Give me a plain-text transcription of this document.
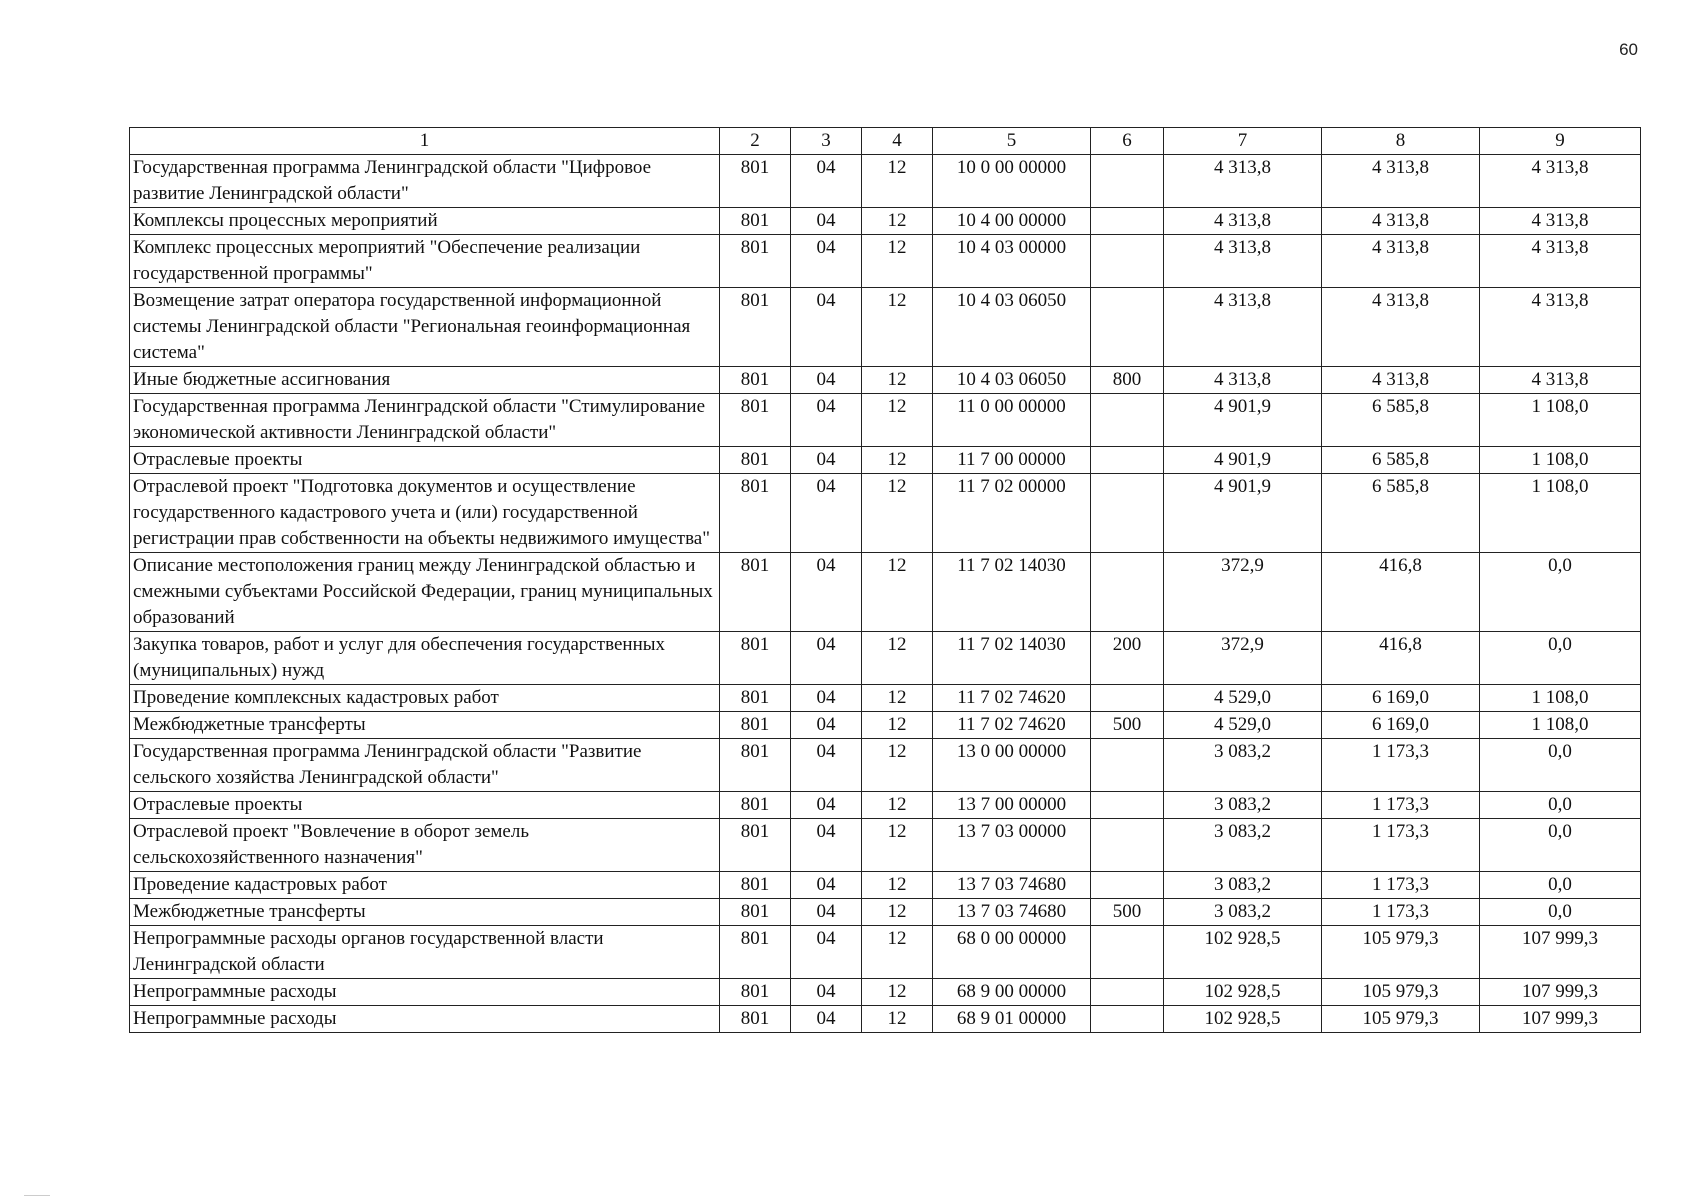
60
1	2	3	4	5	6	7	8	9
Государственная программа Ленинградской области "Цифровое развитие Ленинградской области"	801	04	12	10 0 00 00000		4 313,8	4 313,8	4 313,8
Комплексы процессных мероприятий	801	04	12	10 4 00 00000		4 313,8	4 313,8	4 313,8
Комплекс процессных мероприятий "Обеспечение реализации государственной программы"	801	04	12	10 4 03 00000		4 313,8	4 313,8	4 313,8
Возмещение затрат оператора государственной информационной системы Ленинградской области "Региональная геоинформационная система"	801	04	12	10 4 03 06050		4 313,8	4 313,8	4 313,8
Иные бюджетные ассигнования	801	04	12	10 4 03 06050	800	4 313,8	4 313,8	4 313,8
Государственная программа Ленинградской области "Стимулирование экономической активности Ленинградской области"	801	04	12	11 0 00 00000		4 901,9	6 585,8	1 108,0
Отраслевые проекты	801	04	12	11 7 00 00000		4 901,9	6 585,8	1 108,0
Отраслевой проект "Подготовка документов и осуществление государственного кадастрового учета и (или) государственной регистрации прав собственности на объекты недвижимого имущества"	801	04	12	11 7 02 00000		4 901,9	6 585,8	1 108,0
Описание местоположения границ между Ленинградской областью и смежными субъектами Российской Федерации, границ муниципальных образований	801	04	12	11 7 02 14030		372,9	416,8	0,0
Закупка товаров, работ и услуг для обеспечения государственных (муниципальных) нужд	801	04	12	11 7 02 14030	200	372,9	416,8	0,0
Проведение комплексных кадастровых работ	801	04	12	11 7 02 74620		4 529,0	6 169,0	1 108,0
Межбюджетные трансферты	801	04	12	11 7 02 74620	500	4 529,0	6 169,0	1 108,0
Государственная программа Ленинградской области "Развитие сельского хозяйства Ленинградской области"	801	04	12	13 0 00 00000		3 083,2	1 173,3	0,0
Отраслевые проекты	801	04	12	13 7 00 00000		3 083,2	1 173,3	0,0
Отраслевой проект "Вовлечение в оборот земель сельскохозяйственного назначения"	801	04	12	13 7 03 00000		3 083,2	1 173,3	0,0
Проведение кадастровых работ	801	04	12	13 7 03 74680		3 083,2	1 173,3	0,0
Межбюджетные трансферты	801	04	12	13 7 03 74680	500	3 083,2	1 173,3	0,0
Непрограммные расходы органов государственной власти Ленинградской области	801	04	12	68 0 00 00000		102 928,5	105 979,3	107 999,3
Непрограммные расходы	801	04	12	68 9 00 00000		102 928,5	105 979,3	107 999,3
Непрограммные расходы	801	04	12	68 9 01 00000		102 928,5	105 979,3	107 999,3
